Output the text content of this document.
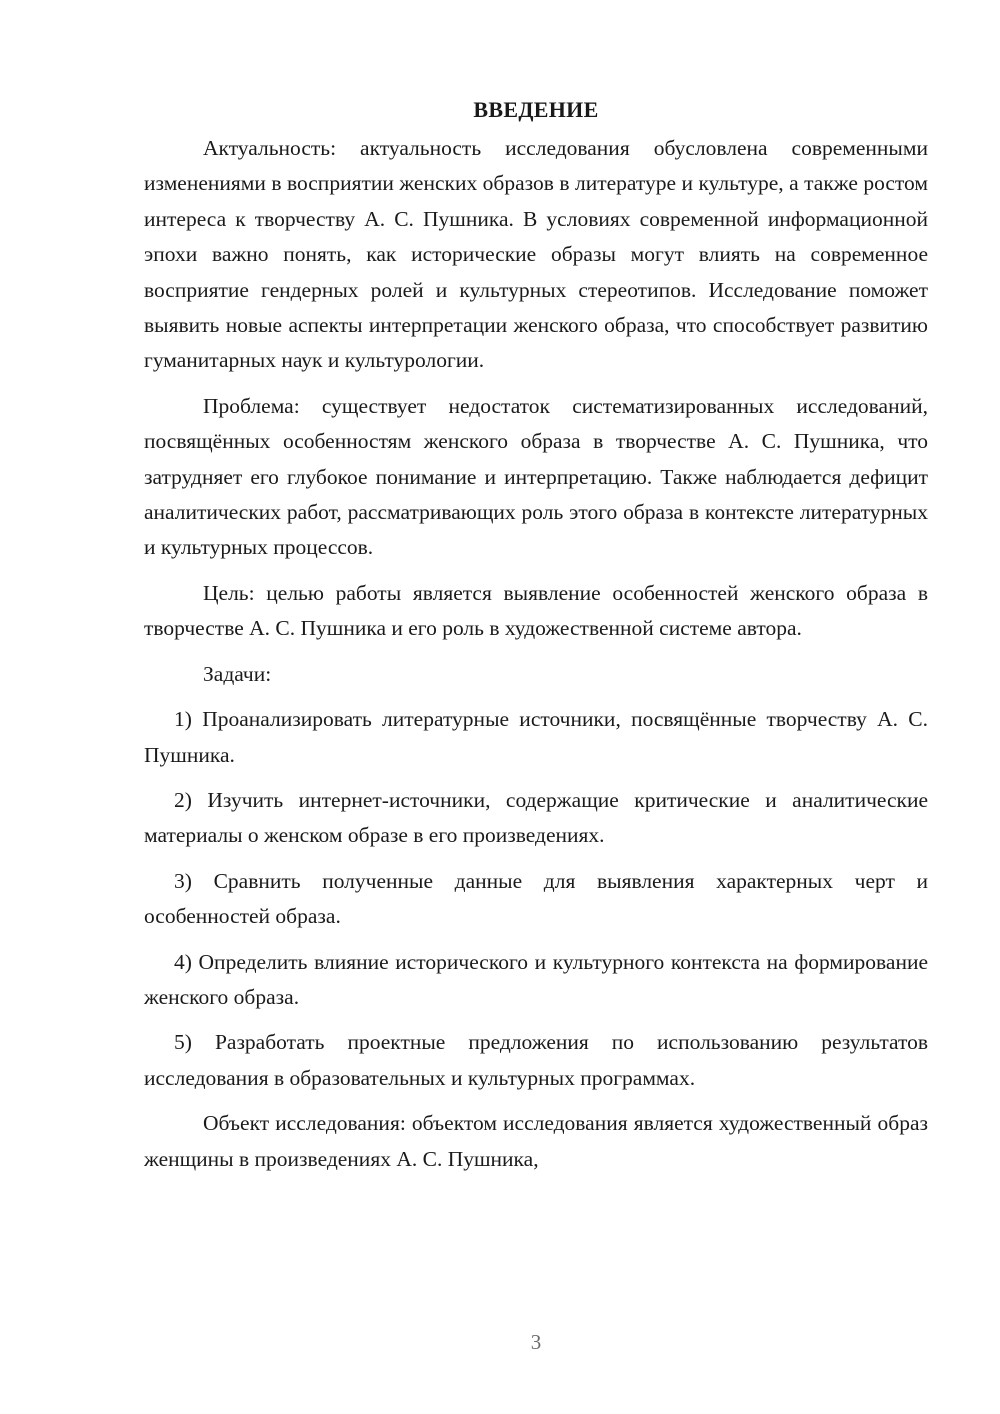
ВВЕДЕНИЕ

Актуальность: актуальность исследования обусловлена современными изменениями в восприятии женских образов в литературе и культуре, а также ростом интереса к творчеству А. С. Пушника. В условиях современной информационной эпохи важно понять, как исторические образы могут влиять на современное восприятие гендерных ролей и культурных стереотипов. Исследование поможет выявить новые аспекты интерпретации женского образа, что способствует развитию гуманитарных наук и культурологии.

Проблема: существует недостаток систематизированных исследований, посвящённых особенностям женского образа в творчестве А. С. Пушника, что затрудняет его глубокое понимание и интерпретацию. Также наблюдается дефицит аналитических работ, рассматривающих роль этого образа в контексте литературных и культурных процессов.

Цель: целью работы является выявление особенностей женского образа в творчестве А. С. Пушника и его роль в художественной системе автора.

Задачи:

1) Проанализировать литературные источники, посвящённые творчеству А. С. Пушника.

2) Изучить интернет-источники, содержащие критические и аналитические материалы о женском образе в его произведениях.

3) Сравнить полученные данные для выявления характерных черт и особенностей образа.

4) Определить влияние исторического и культурного контекста на формирование женского образа.

5) Разработать проектные предложения по использованию результатов исследования в образовательных и культурных программах.

Объект исследования: объектом исследования является художественный образ женщины в произведениях А. С. Пушника,

3
